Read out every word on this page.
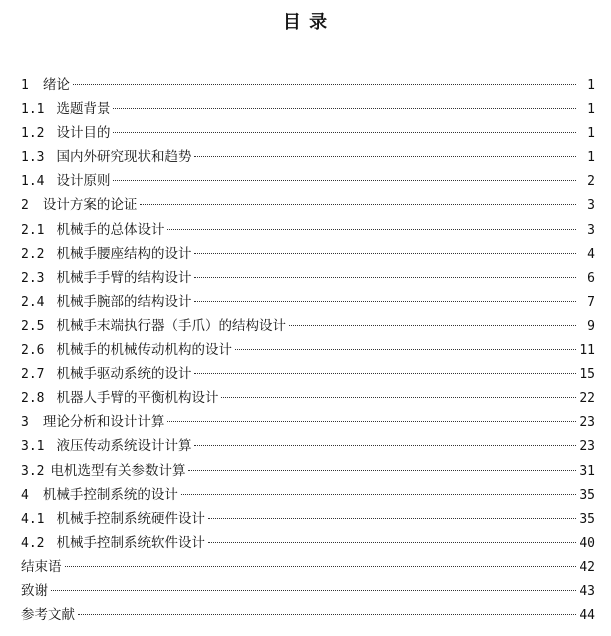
目 录
1 绪论	1
1.1 选题背景	1
1.2 设计目的	1
1.3 国内外研究现状和趋势	1
1.4 设计原则	2
2 设计方案的论证	3
2.1 机械手的总体设计	3
2.2 机械手腰座结构的设计	4
2.3 机械手手臂的结构设计	6
2.4 机械手腕部的结构设计	7
2.5 机械手末端执行器（手爪）的结构设计	9
2.6 机械手的机械传动机构的设计	11
2.7 机械手驱动系统的设计	15
2.8 机器人手臂的平衡机构设计	22
3 理论分析和设计计算	23
3.1 液压传动系统设计计算	23
3.2 电机选型有关参数计算	31
4 机械手控制系统的设计	35
4.1 机械手控制系统硬件设计	35
4.2 机械手控制系统软件设计	40
结束语	42
致谢	43
参考文献	44
